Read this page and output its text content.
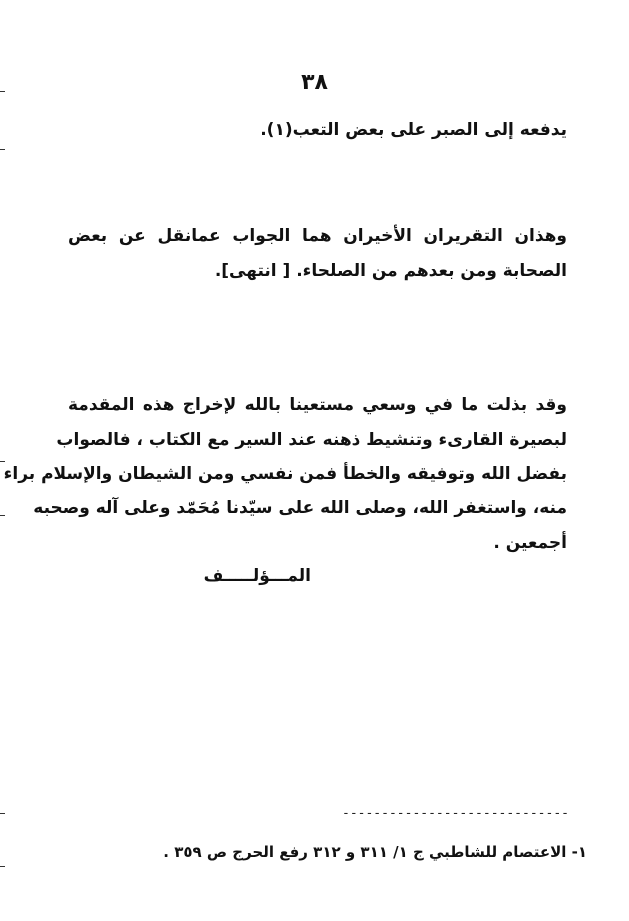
٣٨
يدفعه إلى الصبر على بعض التعب(١).
وهذان التقريران الأخيران هما الجواب عمانقل عن بعض
الصحابة ومن بعدهم من الصلحاء. [ انتهى].
وقد بذلت ما في وسعي مستعينا بالله لإخراج هذه المقدمة
لبصيرة القارىء وتنشيط ذهنه عند السير مع الكتاب ، فالصواب
بفضل الله وتوفيقه والخطأ فمن نفسي ومن الشيطان والإسلام براء
منه، واستغفر الله، وصلى الله على سيّدنا مُحَمّد وعلى آله وصحبه
أجمعين .
المـــؤلـــــف
-----------------------------
١- الاعتصام للشاطبي ج ١/ ٣١١ و ٣١٢ رفع الحرج ص ٣٥٩ .
